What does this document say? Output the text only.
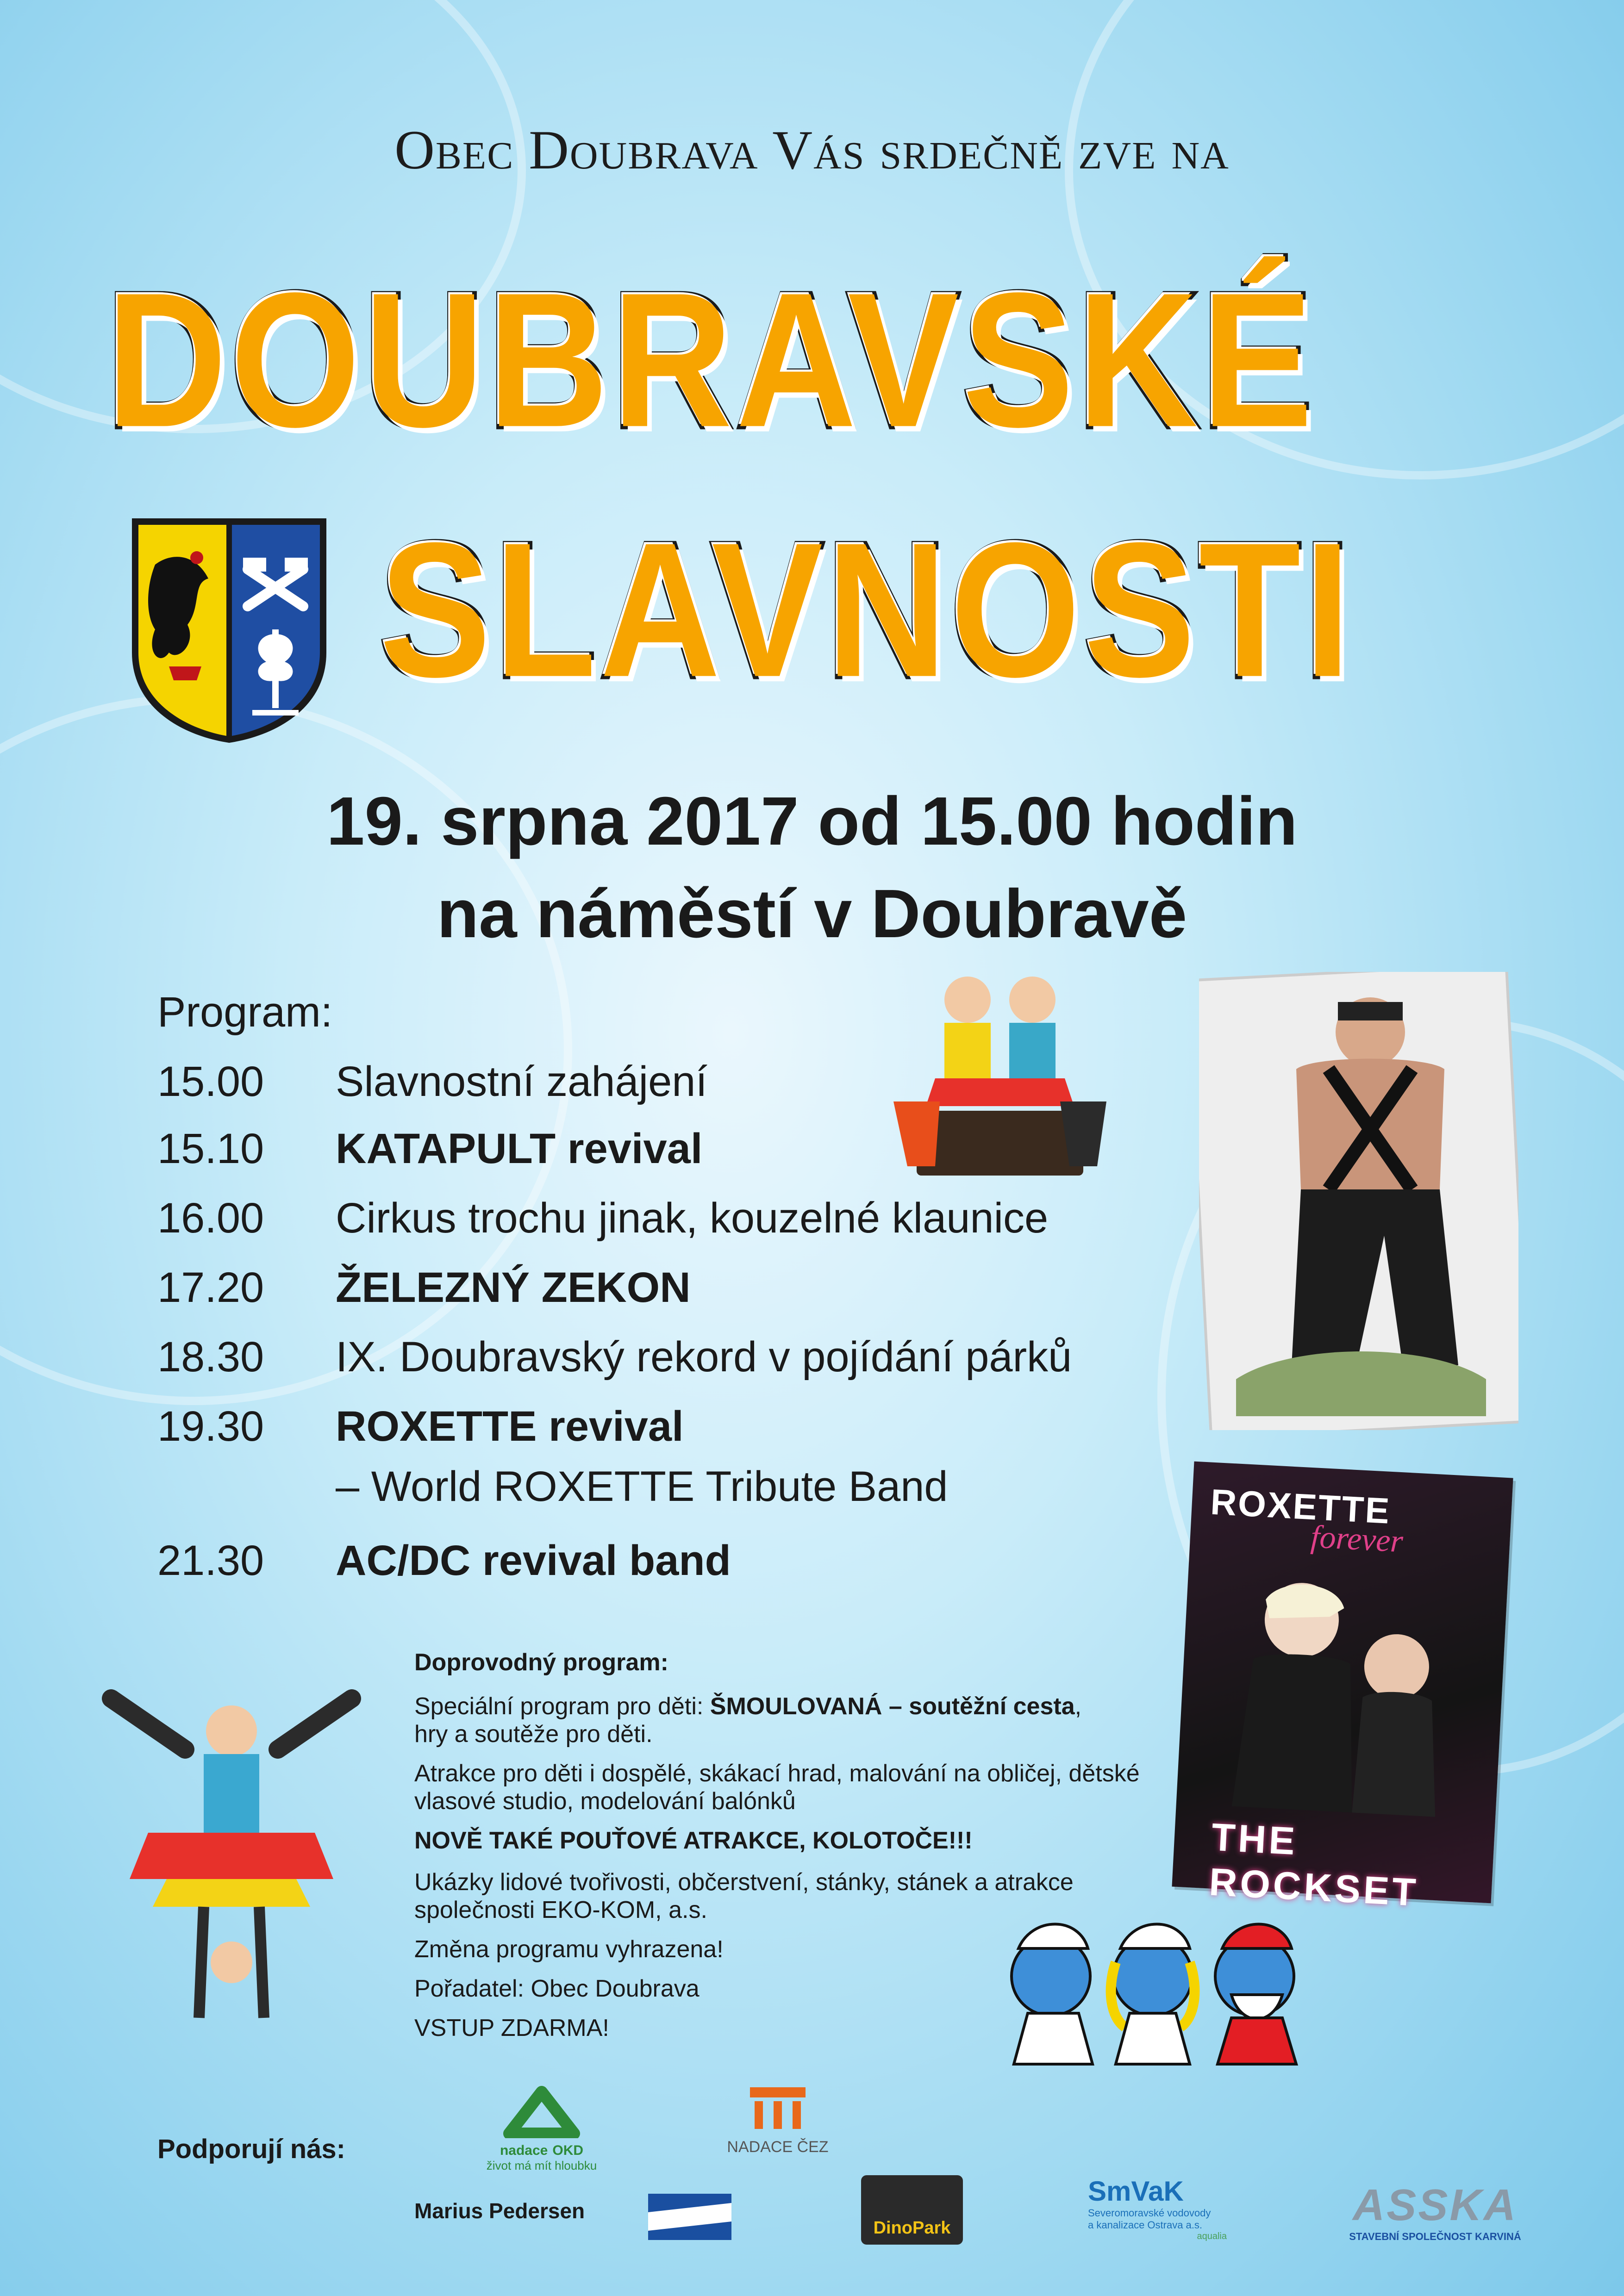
Obec Doubrava Vás srdečně zve na
DOUBRAVSKÉ
SLAVNOSTI
19. srpna 2017 od 15.00 hodin
na náměstí v Doubravě
Program:
15.00 Slavnostní zahájení
15.10 KATAPULT revival
16.00 Cirkus trochu jinak, kouzelné klaunice
17.20 ŽELEZNÝ ZEKON
18.30 IX. Doubravský rekord v pojídání párků
19.30 ROXETTE revival
– World ROXETTE Tribute Band
21.30 AC/DC revival band
ROXETTE
forever
THE ROCKSET
Doprovodný program:
Speciální program pro děti: ŠMOULOVANÁ – soutěžní cesta,
hry a soutěže pro děti.
Atrakce pro děti i dospělé, skákací hrad, malování na obličej, dětské
vlasové studio, modelování balónků
NOVĚ TAKÉ POUŤOVÉ ATRAKCE, KOLOTOČE!!!
Ukázky lidové tvořivosti, občerstvení, stánky, stánek a atrakce
společnosti EKO-KOM, a.s.
Změna programu vyhrazena!
Pořadatel: Obec Doubrava
VSTUP ZDARMA!
Podporují nás:	nadace OKD
život má mít hloubku
NADACE ČEZ
Marius Pedersen
DinoPark
SmVaK
Severomoravské vodovody
a kanalizace Ostrava a.s.
aqualia
ASSKA
STAVEBNÍ SPOLEČNOST KARVINÁ
